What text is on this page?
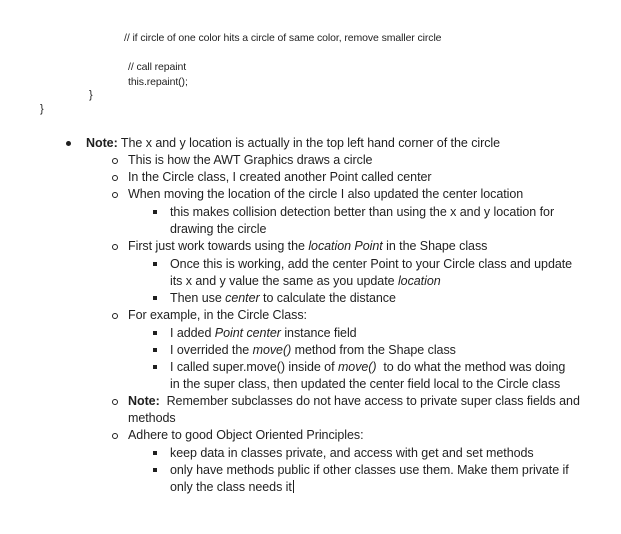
// if circle of one color hits a circle of same color, remove smaller circle
// call repaint
this.repaint();
}
}
Note: The x and y location is actually in the top left hand corner of the circle
This is how the AWT Graphics draws a circle
In the Circle class, I created another Point called center
When moving the location of the circle I also updated the center location
this makes collision detection better than using the x and y location for
drawing the circle
First just work towards using the location Point in the Shape class
Once this is working, add the center Point to your Circle class and update
its x and y value the same as you update location
Then use center to calculate the distance
For example, in the Circle Class:
I added Point center instance field
I overrided the move() method from the Shape class
I called super.move() inside of move()  to do what the method was doing
in the super class, then updated the center field local to the Circle class
Note: Remember subclasses do not have access to private super class fields and
methods
Adhere to good Object Oriented Principles:
keep data in classes private, and access with get and set methods
only have methods public if other classes use them. Make them private if
only the class needs it
